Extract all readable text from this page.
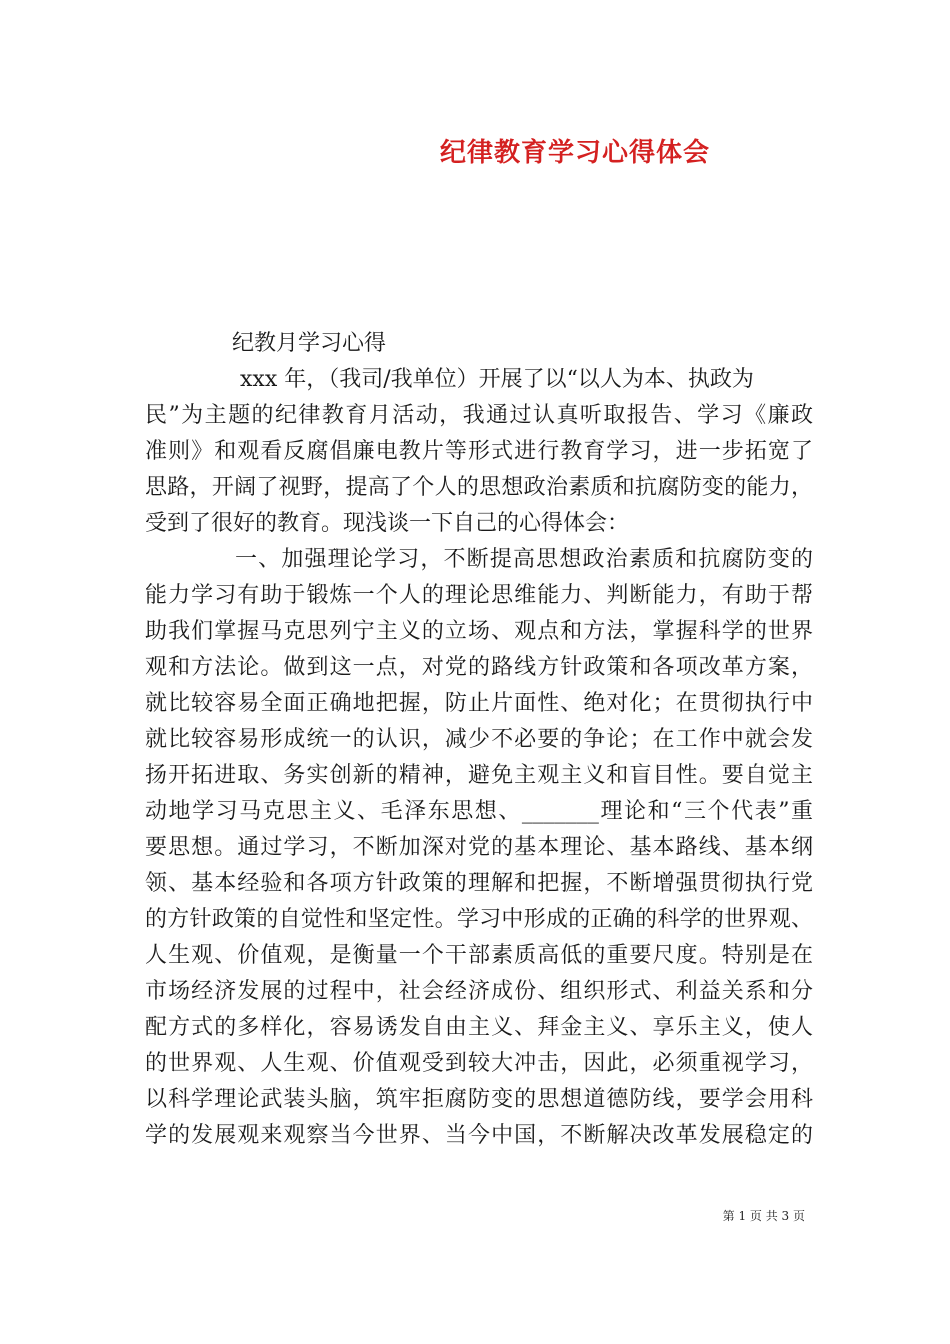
纪律教育学习心得体会

纪教月学习心得

xxx 年，（我司/我单位）开展了以“以人为本、执政为
民”为主题的纪律教育月活动，我通过认真听取报告、学习《廉政
准则》和观看反腐倡廉电教片等形式进行教育学习，进一步拓宽了
思路，开阔了视野，提高了个人的思想政治素质和抗腐防变的能力，
受到了很好的教育。现浅谈一下自己的心得体会：
一、加强理论学习，不断提高思想政治素质和抗腐防变的
能力学习有助于锻炼一个人的理论思维能力、判断能力，有助于帮
助我们掌握马克思列宁主义的立场、观点和方法，掌握科学的世界
观和方法论。做到这一点，对党的路线方针政策和各项改革方案，
就比较容易全面正确地把握，防止片面性、绝对化；在贯彻执行中
就比较容易形成统一的认识，减少不必要的争论；在工作中就会发
扬开拓进取、务实创新的精神，避免主观主义和盲目性。要自觉主
动地学习马克思主义、毛泽东思想、_______理论和“三个代表”重
要思想。通过学习，不断加深对党的基本理论、基本路线、基本纲
领、基本经验和各项方针政策的理解和把握，不断增强贯彻执行党
的方针政策的自觉性和坚定性。学习中形成的正确的科学的世界观、
人生观、价值观，是衡量一个干部素质高低的重要尺度。特别是在
市场经济发展的过程中，社会经济成份、组织形式、利益关系和分
配方式的多样化，容易诱发自由主义、拜金主义、享乐主义，使人
的世界观、人生观、价值观受到较大冲击，因此，必须重视学习，
以科学理论武装头脑，筑牢拒腐防变的思想道德防线，要学会用科
学的发展观来观察当今世界、当今中国，不断解决改革发展稳定的
第 1 页 共 3 页
